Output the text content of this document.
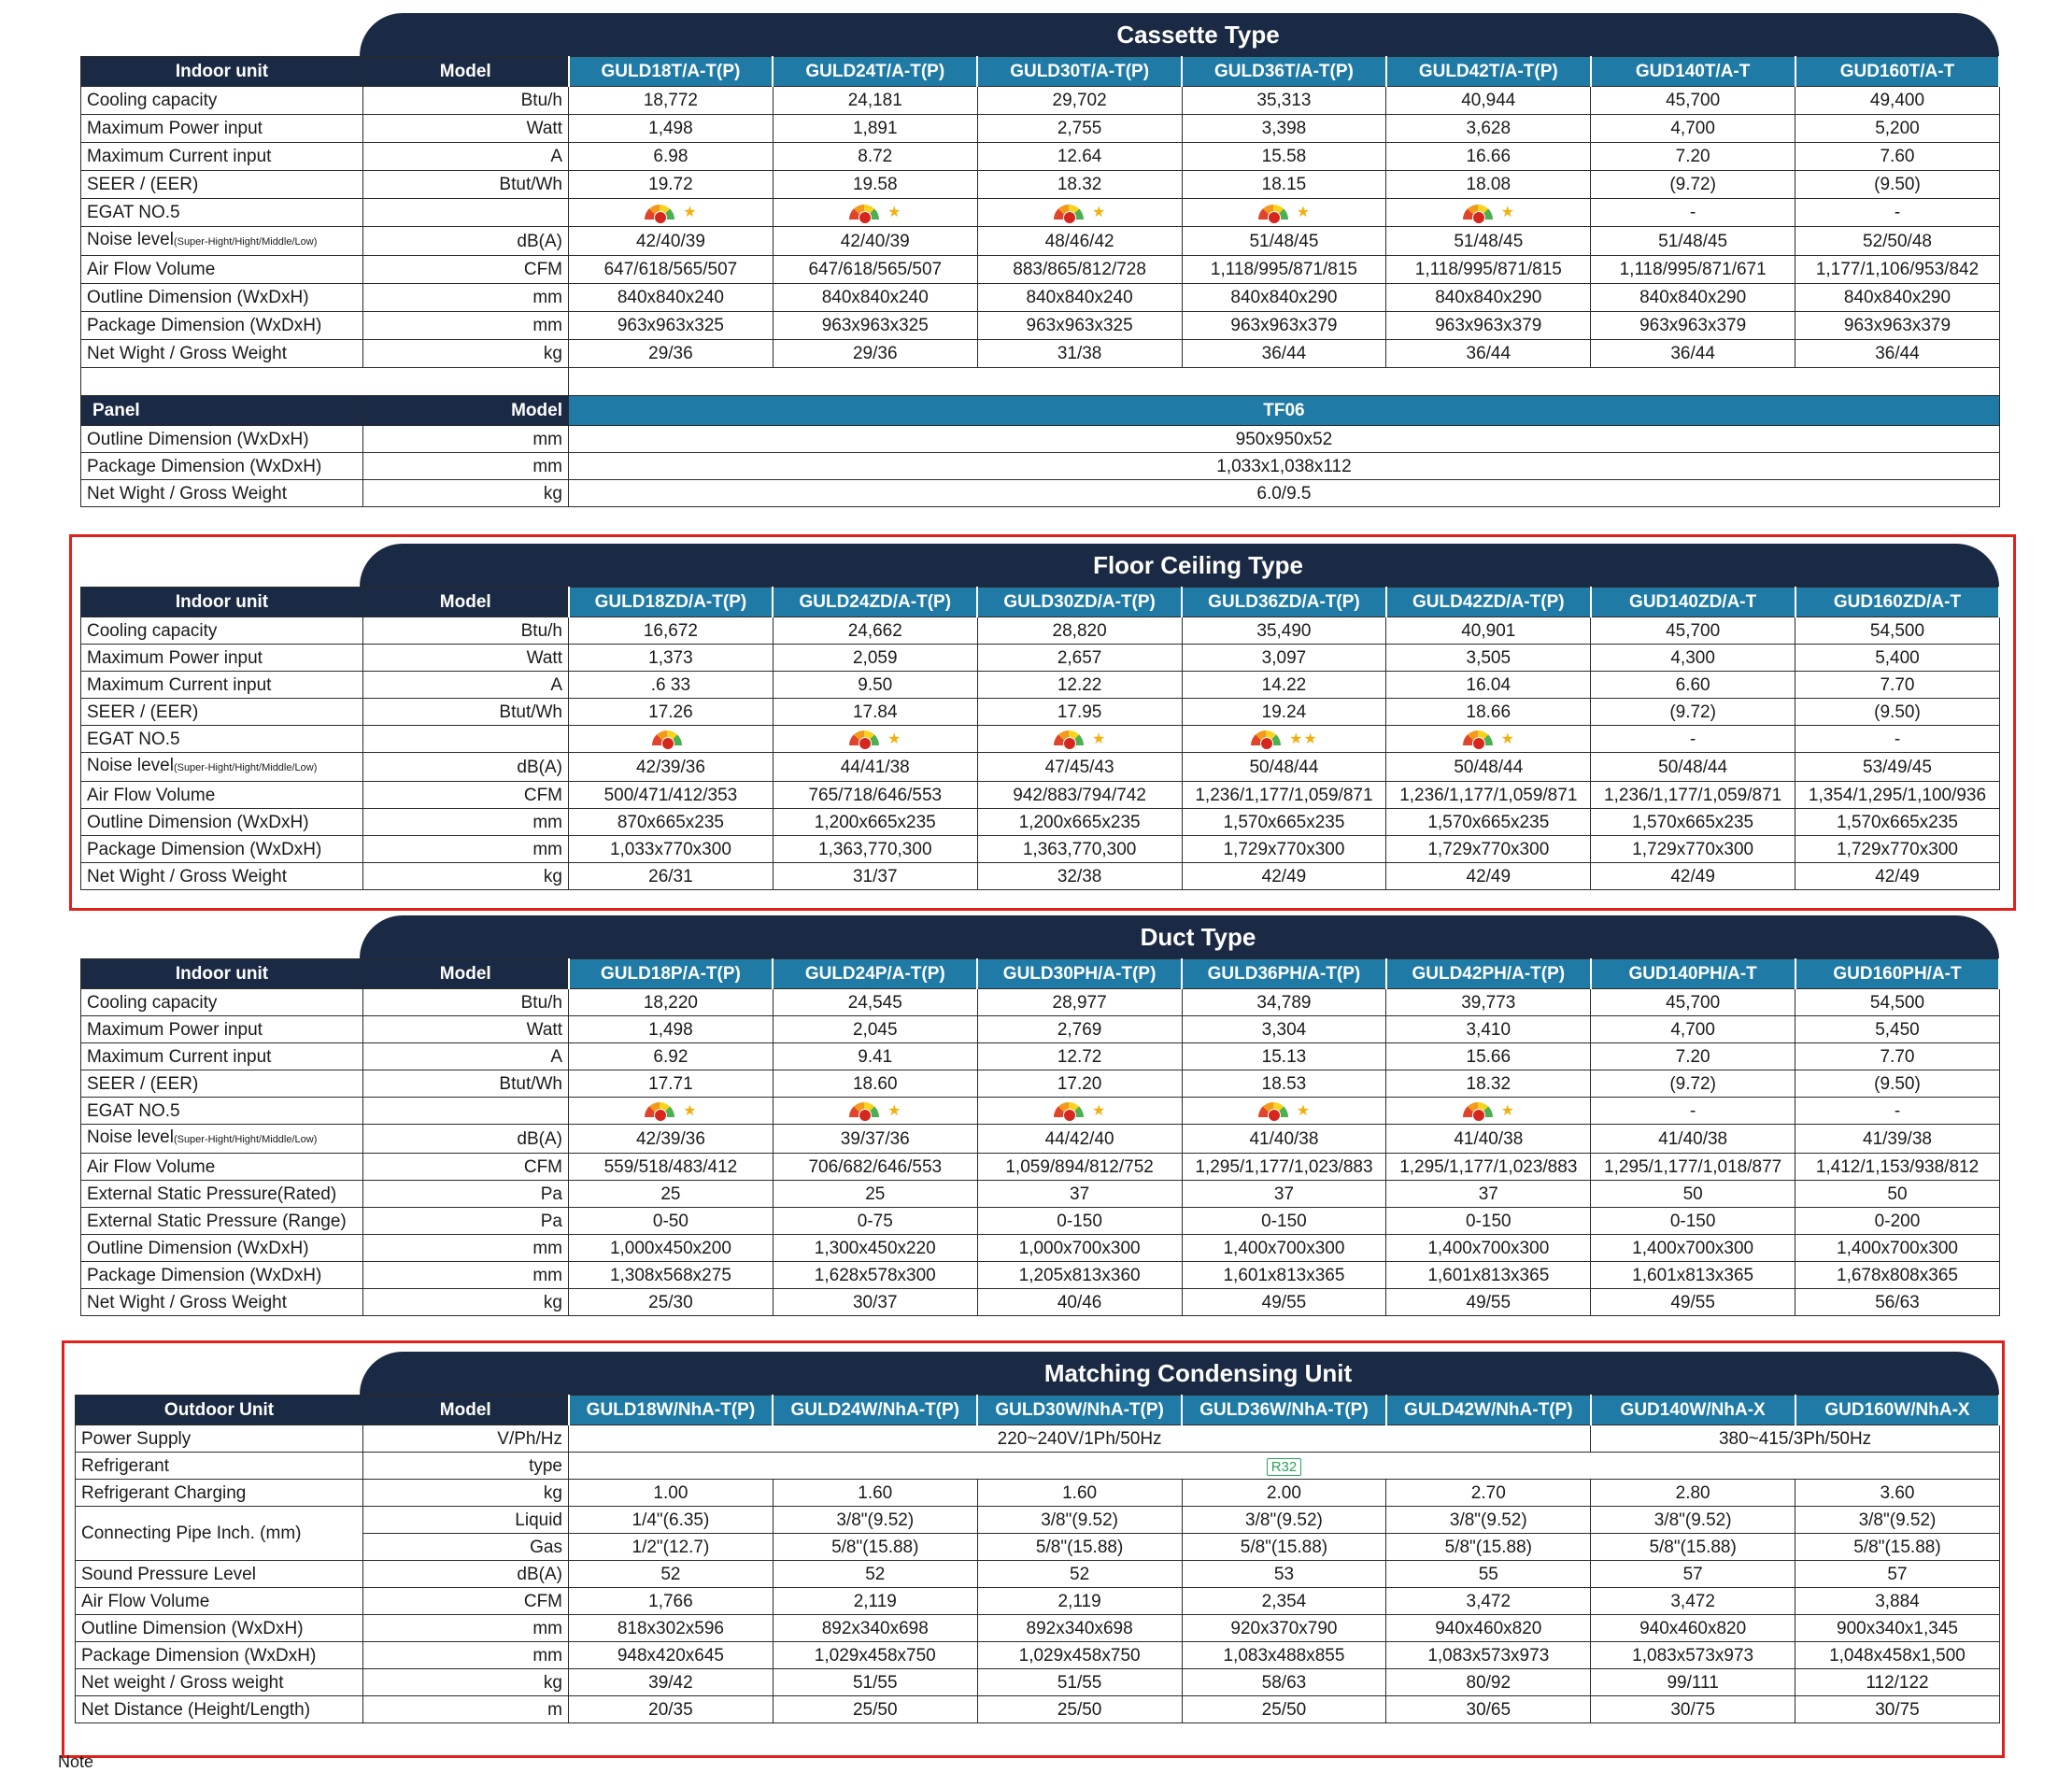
Cassette Type
Indoor unit	Model	GULD18T/A-T(P)	GULD24T/A-T(P)	GULD30T/A-T(P)	GULD36T/A-T(P)	GULD42T/A-T(P)	GUD140T/A-T	GUD160T/A-T
Cooling capacity	Btu/h	18,772	24,181	29,702	35,313	40,944	45,700	49,400
Maximum Power input	Watt	1,498	1,891	2,755	3,398	3,628	4,700	5,200
Maximum Current input	A	6.98	8.72	12.64	15.58	16.66	7.20	7.60
SEER / (EER)	Btut/Wh	19.72	19.58	18.32	18.15	18.08	(9.72)	(9.50)
EGAT NO.5		★	★	★	★	★	-	-
Noise level(Super-Hight/Hight/Middle/Low)	dB(A)	42/40/39	42/40/39	48/46/42	51/48/45	51/48/45	51/48/45	52/50/48
Air Flow Volume	CFM	647/618/565/507	647/618/565/507	883/865/812/728	1,118/995/871/815	1,118/995/871/815	1,118/995/871/671	1,177/1,106/953/842
Outline Dimension (WxDxH)	mm	840x840x240	840x840x240	840x840x240	840x840x290	840x840x290	840x840x290	840x840x290
Package Dimension (WxDxH)	mm	963x963x325	963x963x325	963x963x325	963x963x379	963x963x379	963x963x379	963x963x379
Net Wight / Gross Weight	kg	29/36	29/36	31/38	36/44	36/44	36/44	36/44

Panel	Model	TF06						
Outline Dimension (WxDxH)	mm	950x950x52						
Package Dimension (WxDxH)	mm	1,033x1,038x112						
Net Wight / Gross Weight	kg	6.0/9.5						
Floor Ceiling Type
Indoor unit	Model	GULD18ZD/A-T(P)	GULD24ZD/A-T(P)	GULD30ZD/A-T(P)	GULD36ZD/A-T(P)	GULD42ZD/A-T(P)	GUD140ZD/A-T	GUD160ZD/A-T
Cooling capacity	Btu/h	16,672	24,662	28,820	35,490	40,901	45,700	54,500
Maximum Power input	Watt	1,373	2,059	2,657	3,097	3,505	4,300	5,400
Maximum Current input	A	.6 33	9.50	12.22	14.22	16.04	6.60	7.70
SEER / (EER)	Btut/Wh	17.26	17.84	17.95	19.24	18.66	(9.72)	(9.50)
EGAT NO.5			★	★	★★	★	-	-
Noise level(Super-Hight/Hight/Middle/Low)	dB(A)	42/39/36	44/41/38	47/45/43	50/48/44	50/48/44	50/48/44	53/49/45
Air Flow Volume	CFM	500/471/412/353	765/718/646/553	942/883/794/742	1,236/1,177/1,059/871	1,236/1,177/1,059/871	1,236/1,177/1,059/871	1,354/1,295/1,100/936
Outline Dimension (WxDxH)	mm	870x665x235	1,200x665x235	1,200x665x235	1,570x665x235	1,570x665x235	1,570x665x235	1,570x665x235
Package Dimension (WxDxH)	mm	1,033x770x300	1,363,770,300	1,363,770,300	1,729x770x300	1,729x770x300	1,729x770x300	1,729x770x300
Net Wight / Gross Weight	kg	26/31	31/37	32/38	42/49	42/49	42/49	42/49
Duct Type
Indoor unit	Model	GULD18P/A-T(P)	GULD24P/A-T(P)	GULD30PH/A-T(P)	GULD36PH/A-T(P)	GULD42PH/A-T(P)	GUD140PH/A-T	GUD160PH/A-T
Cooling capacity	Btu/h	18,220	24,545	28,977	34,789	39,773	45,700	54,500
Maximum Power input	Watt	1,498	2,045	2,769	3,304	3,410	4,700	5,450
Maximum Current input	A	6.92	9.41	12.72	15.13	15.66	7.20	7.70
SEER / (EER)	Btut/Wh	17.71	18.60	17.20	18.53	18.32	(9.72)	(9.50)
EGAT NO.5		★	★	★	★	★	-	-
Noise level(Super-Hight/Hight/Middle/Low)	dB(A)	42/39/36	39/37/36	44/42/40	41/40/38	41/40/38	41/40/38	41/39/38
Air Flow Volume	CFM	559/518/483/412	706/682/646/553	1,059/894/812/752	1,295/1,177/1,023/883	1,295/1,177/1,023/883	1,295/1,177/1,018/877	1,412/1,153/938/812
External Static Pressure(Rated)	Pa	25	25	37	37	37	50	50
External Static Pressure (Range)	Pa	0-50	0-75	0-150	0-150	0-150	0-150	0-200
Outline Dimension (WxDxH)	mm	1,000x450x200	1,300x450x220	1,000x700x300	1,400x700x300	1,400x700x300	1,400x700x300	1,400x700x300
Package Dimension (WxDxH)	mm	1,308x568x275	1,628x578x300	1,205x813x360	1,601x813x365	1,601x813x365	1,601x813x365	1,678x808x365
Net Wight / Gross Weight	kg	25/30	30/37	40/46	49/55	49/55	49/55	56/63
Matching Condensing Unit
Outdoor Unit	Model	GULD18W/NhA-T(P)	GULD24W/NhA-T(P)	GULD30W/NhA-T(P)	GULD36W/NhA-T(P)	GULD42W/NhA-T(P)	GUD140W/NhA-X	GUD160W/NhA-X
Power Supply	V/Ph/Hz	220~240V/1Ph/50Hz					380~415/3Ph/50Hz	
Refrigerant	type	R32						
Refrigerant Charging	kg	1.00	1.60	1.60	2.00	2.70	2.80	3.60
Connecting Pipe Inch. (mm)	Liquid	1/4"(6.35)	3/8"(9.52)	3/8"(9.52)	3/8"(9.52)	3/8"(9.52)	3/8"(9.52)	3/8"(9.52)
	Gas	1/2"(12.7)	5/8"(15.88)	5/8"(15.88)	5/8"(15.88)	5/8"(15.88)	5/8"(15.88)	5/8"(15.88)
Sound Pressure Level	dB(A)	52	52	52	53	55	57	57
Air Flow Volume	CFM	1,766	2,119	2,119	2,354	3,472	3,472	3,884
Outline Dimension (WxDxH)	mm	818x302x596	892x340x698	892x340x698	920x370x790	940x460x820	940x460x820	900x340x1,345
Package Dimension (WxDxH)	mm	948x420x645	1,029x458x750	1,029x458x750	1,083x488x855	1,083x573x973	1,083x573x973	1,048x458x1,500
Net weight / Gross weight	kg	39/42	51/55	51/55	58/63	80/92	99/111	112/122
Net Distance (Height/Length)	m	20/35	25/50	25/50	25/50	30/65	30/75	30/75
Note
